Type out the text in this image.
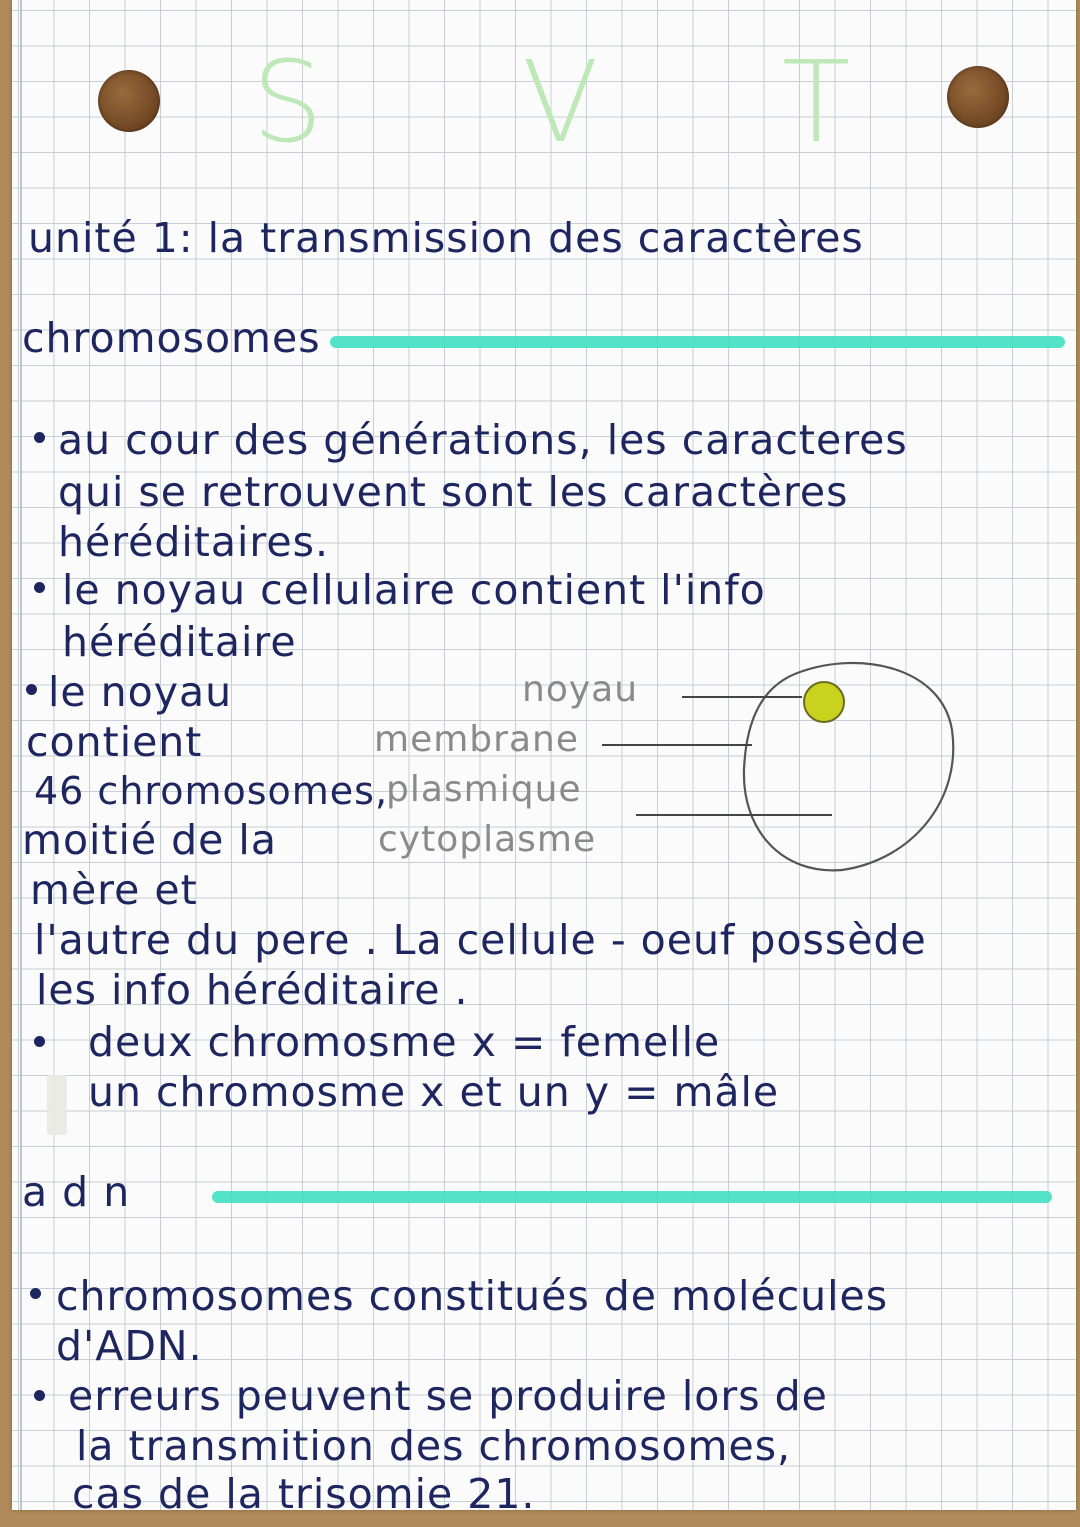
S V T
unité 1: la transmission des caractères
chromosomes
au cour des générations, les caracteres
qui se retrouvent sont les caractères
héréditaires.
le noyau cellulaire contient l'info
héréditaire
le noyau
contient
46 chromosomes,
moitié de la
mère et
l'autre du pere . La cellule - oeuf possède
les info héréditaire .
deux chromosme x = femelle
un chromosme x et un y = mâle
noyau
membrane
plasmique
cytoplasme
a d n
chromosomes constitués de molécules
d'ADN.
erreurs peuvent se produire lors de
la transmition des chromosomes,
cas de la trisomie 21.
